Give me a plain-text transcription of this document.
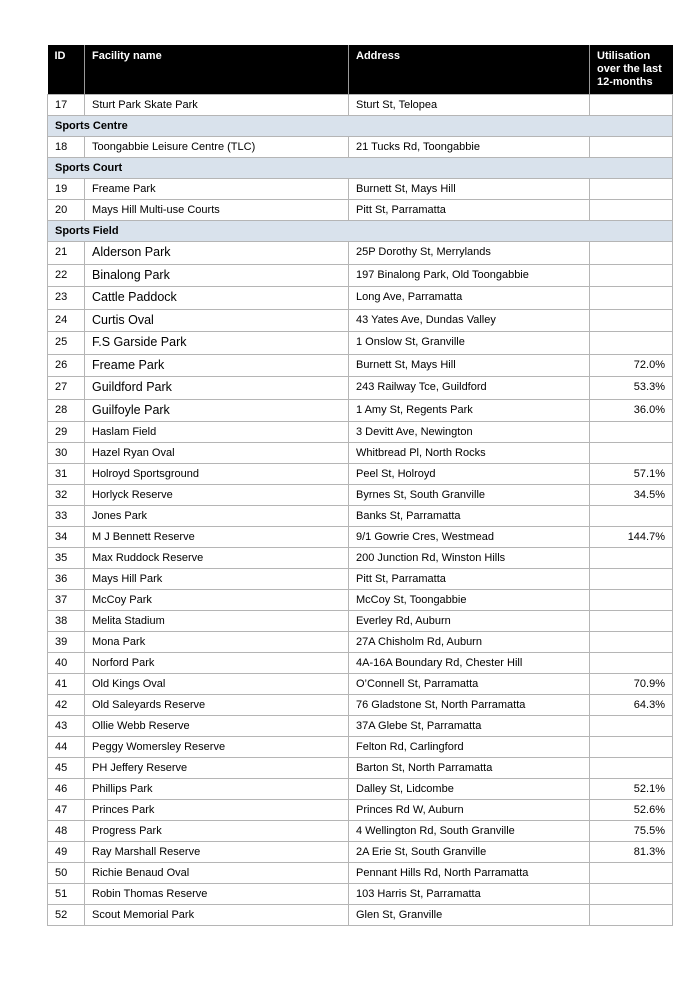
ID	Facility name	Address	Utilisation over the last 12-months
17	Sturt Park Skate Park	Sturt St, Telopea	
Sports Centre			
18	Toongabbie Leisure Centre (TLC)	21 Tucks Rd, Toongabbie	
Sports Court			
19	Freame Park	Burnett St, Mays Hill	
20	Mays Hill Multi-use Courts	Pitt St, Parramatta	
Sports Field			
21	Alderson Park	25P Dorothy St, Merrylands	
22	Binalong Park	197 Binalong Park, Old Toongabbie	
23	Cattle Paddock	Long Ave, Parramatta	
24	Curtis Oval	43 Yates Ave, Dundas Valley	
25	F.S Garside Park	1 Onslow St, Granville	
26	Freame Park	Burnett St, Mays Hill	72.0%
27	Guildford Park	243 Railway Tce, Guildford	53.3%
28	Guilfoyle Park	1 Amy St, Regents Park	36.0%
29	Haslam Field	3 Devitt Ave, Newington	
30	Hazel Ryan Oval	Whitbread Pl, North Rocks	
31	Holroyd Sportsground	Peel St, Holroyd	57.1%
32	Horlyck Reserve	Byrnes St, South Granville	34.5%
33	Jones Park	Banks St, Parramatta	
34	M J Bennett Reserve	9/1 Gowrie Cres, Westmead	144.7%
35	Max Ruddock Reserve	200 Junction Rd, Winston Hills	
36	Mays Hill Park	Pitt St, Parramatta	
37	McCoy Park	McCoy St, Toongabbie	
38	Melita Stadium	Everley Rd, Auburn	
39	Mona Park	27A Chisholm Rd, Auburn	
40	Norford Park	4A-16A Boundary Rd, Chester Hill	
41	Old Kings Oval	O’Connell St, Parramatta	70.9%
42	Old Saleyards Reserve	76 Gladstone St, North Parramatta	64.3%
43	Ollie Webb Reserve	37A Glebe St, Parramatta	
44	Peggy Womersley Reserve	Felton Rd, Carlingford	
45	PH Jeffery Reserve	Barton St, North Parramatta	
46	Phillips Park	Dalley St, Lidcombe	52.1%
47	Princes Park	Princes Rd W, Auburn	52.6%
48	Progress Park	4 Wellington Rd, South Granville	75.5%
49	Ray Marshall Reserve	2A Erie St, South Granville	81.3%
50	Richie Benaud Oval	Pennant Hills Rd, North Parramatta	
51	Robin Thomas Reserve	103 Harris St, Parramatta	
52	Scout Memorial Park	Glen St, Granville	
